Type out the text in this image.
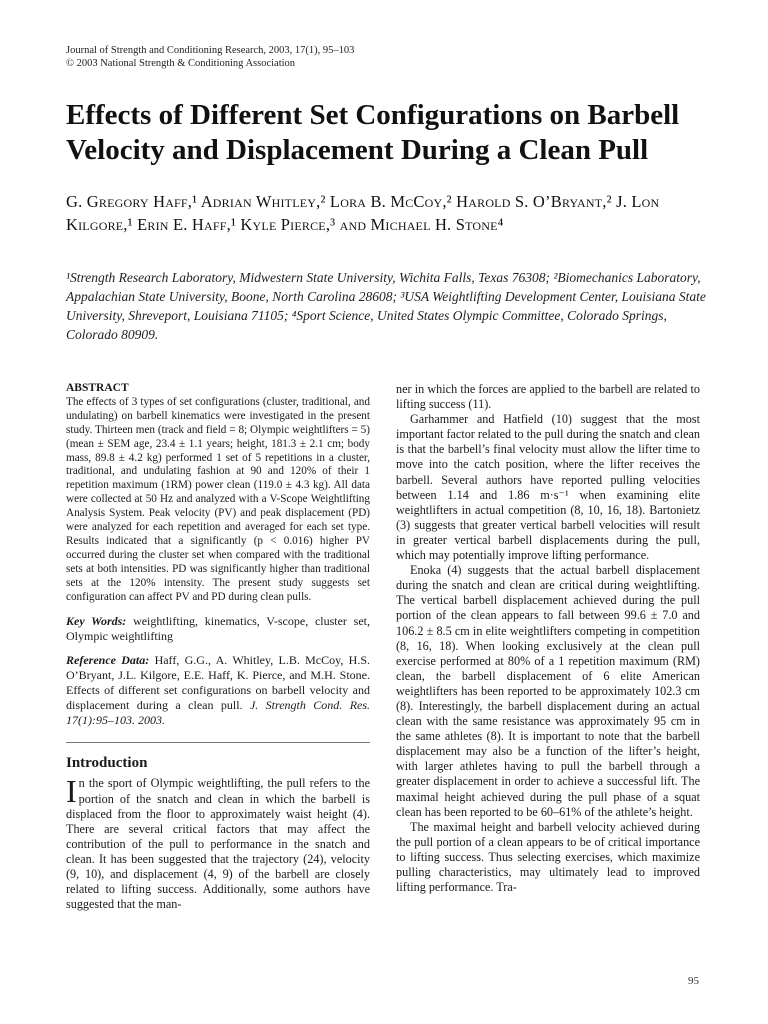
Journal of Strength and Conditioning Research, 2003, 17(1), 95–103
© 2003 National Strength & Conditioning Association
Effects of Different Set Configurations on Barbell Velocity and Displacement During a Clean Pull
G. Gregory Haff,¹ Adrian Whitley,² Lora B. McCoy,² Harold S. O’Bryant,² J. Lon Kilgore,¹ Erin E. Haff,¹ Kyle Pierce,³ and Michael H. Stone⁴
¹Strength Research Laboratory, Midwestern State University, Wichita Falls, Texas 76308; ²Biomechanics Laboratory, Appalachian State University, Boone, North Carolina 28608; ³USA Weightlifting Development Center, Louisiana State University, Shreveport, Louisiana 71105; ⁴Sport Science, United States Olympic Committee, Colorado Springs, Colorado 80909.

ABSTRACT

The effects of 3 types of set configurations (cluster, traditional, and undulating) on barbell kinematics were investigated in the present study. Thirteen men (track and field = 8; Olympic weightlifters = 5) (mean ± SEM age, 23.4 ± 1.1 years; height, 181.3 ± 2.1 cm; body mass, 89.8 ± 4.2 kg) performed 1 set of 5 repetitions in a cluster, traditional, and undulating fashion at 90 and 120% of their 1 repetition maximum (1RM) power clean (119.0 ± 4.3 kg). All data were collected at 50 Hz and analyzed with a V-Scope Weightlifting Analysis System. Peak velocity (PV) and peak displacement (PD) were analyzed for each repetition and averaged for each set type. Results indicated that a significantly (p < 0.016) higher PV occurred during the cluster set when compared with the traditional sets at both intensities. PD was significantly higher than traditional sets at the 120% intensity. The present study suggests set configuration can affect PV and PD during clean pulls.

Key Words: weightlifting, kinematics, V-scope, cluster set, Olympic weightlifting

Reference Data: Haff, G.G., A. Whitley, L.B. McCoy, H.S. O’Bryant, J.L. Kilgore, E.E. Haff, K. Pierce, and M.H. Stone. Effects of different set configurations on barbell velocity and displacement during a clean pull. J. Strength Cond. Res. 17(1):95–103. 2003.

Introduction

In the sport of Olympic weightlifting, the pull refers to the portion of the snatch and clean in which the barbell is displaced from the floor to approximately waist height (4). There are several critical factors that may affect the contribution of the pull to performance in the snatch and clean. It has been suggested that the trajectory (24), velocity (9, 10), and displacement (4, 9) of the barbell are closely related to lifting success. Additionally, some authors have suggested that the man-

ner in which the forces are applied to the barbell are related to lifting success (11).

Garhammer and Hatfield (10) suggest that the most important factor related to the pull during the snatch and clean is that the barbell’s final velocity must allow the lifter time to move into the catch position, where the lifter receives the barbell. Several authors have reported pulling velocities between 1.14 and 1.86 m·s⁻¹ when examining elite weightlifters in actual competition (8, 10, 16, 18). Bartonietz (3) suggests that greater vertical barbell velocities will result in greater vertical barbell displacements during the pull, which may potentially improve lifting performance.

Enoka (4) suggests that the actual barbell displacement during the snatch and clean are critical during weightlifting. The vertical barbell displacement achieved during the pull portion of the clean appears to fall between 99.6 ± 7.0 and 106.2 ± 8.5 cm in elite weightlifters competing in competition (8, 16, 18). When looking exclusively at the clean pull exercise performed at 80% of a 1 repetition maximum (RM) clean, the barbell displacement of 6 elite American weightlifters has been reported to be approximately 102.3 cm (8). Interestingly, the barbell displacement during an actual clean with the same resistance was approximately 95 cm in the same athletes (8). It is important to note that the barbell displacement may also be a function of the lifter’s height, with larger athletes having to pull the barbell through a greater displacement in order to achieve a successful lift. The maximal height achieved during the pull phase of a squat clean has been reported to be 60–61% of the athlete’s height.

The maximal height and barbell velocity achieved during the pull portion of a clean appears to be of critical importance to lifting success. Thus selecting exercises, which maximize pulling characteristics, may ultimately lead to improved lifting performance. Tra-

95
